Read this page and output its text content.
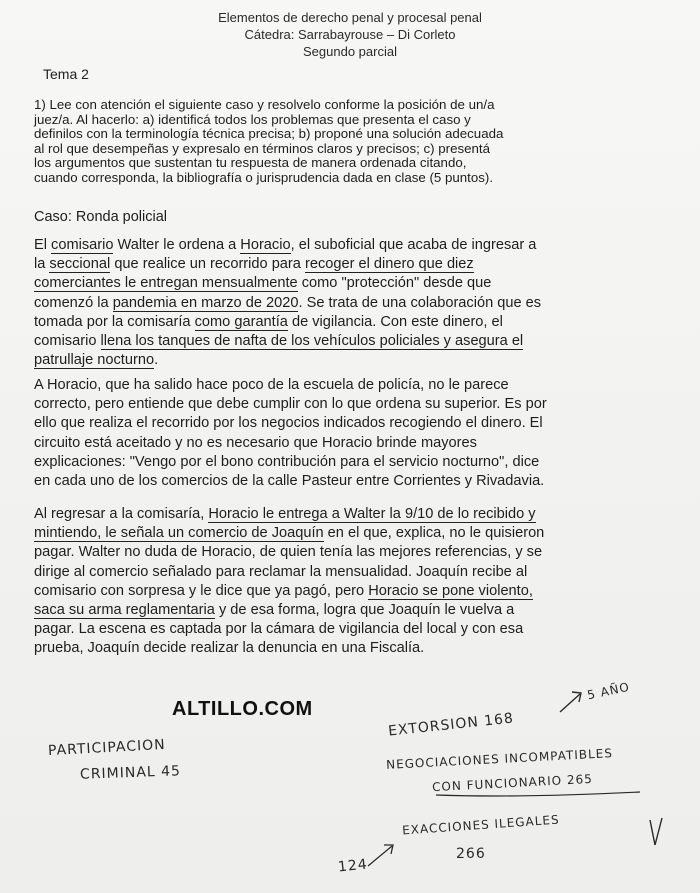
Elementos de derecho penal y procesal penal
Cátedra: Sarrabayrouse – Di Corleto
Segundo parcial
Tema 2
1) Lee con atención el siguiente caso y resolvelo conforme la posición de un/a
juez/a. Al hacerlo: a) identificá todos los problemas que presenta el caso y
definilos con la terminología técnica precisa; b) proponé una solución adecuada
al rol que desempeñas y expresalo en términos claros y precisos; c) presentá
los argumentos que sustentan tu respuesta de manera ordenada citando,
cuando corresponda, la bibliografía o jurisprudencia dada en clase (5 puntos).
Caso: Ronda policial
El comisario Walter le ordena a Horacio, el suboficial que acaba de ingresar a
la seccional que realice un recorrido para recoger el dinero que diez
comerciantes le entregan mensualmente como "protección" desde que
comenzó la pandemia en marzo de 2020. Se trata de una colaboración que es
tomada por la comisaría como garantía de vigilancia. Con este dinero, el
comisario llena los tanques de nafta de los vehículos policiales y asegura el
patrullaje nocturno.
A Horacio, que ha salido hace poco de la escuela de policía, no le parece
correcto, pero entiende que debe cumplir con lo que ordena su superior. Es por
ello que realiza el recorrido por los negocios indicados recogiendo el dinero. El
circuito está aceitado y no es necesario que Horacio brinde mayores
explicaciones: "Vengo por el bono contribución para el servicio nocturno", dice
en cada uno de los comercios de la calle Pasteur entre Corrientes y Rivadavia.
Al regresar a la comisaría, Horacio le entrega a Walter la 9/10 de lo recibido y
mintiendo, le señala un comercio de Joaquín en el que, explica, no le quisieron
pagar. Walter no duda de Horacio, de quien tenía las mejores referencias, y se
dirige al comercio señalado para reclamar la mensualidad. Joaquín recibe al
comisario con sorpresa y le dice que ya pagó, pero Horacio se pone violento,
saca su arma reglamentaria y de esa forma, logra que Joaquín le vuelva a
pagar. La escena es captada por la cámara de vigilancia del local y con esa
prueba, Joaquín decide realizar la denuncia en una Fiscalía.
ALTILLO.COM
PARTICIPACION
CRIMINAL 45
EXTORSION 168
5 AÑO
NEGOCIACIONES INCOMPATIBLES
CON FUNCIONARIO 265
EXACCIONES ILEGALES
266
124
